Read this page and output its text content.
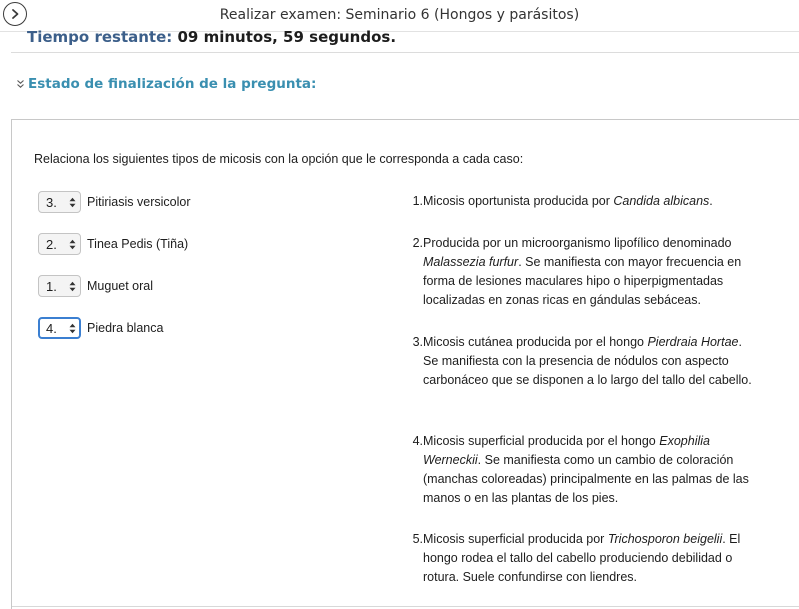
Realizar examen: Seminario 6 (Hongos y parásitos)
Tiempo restante: 09 minutos, 59 segundos.
Estado de finalización de la pregunta:
Relaciona los siguientes tipos de micosis con la opción que le corresponda a cada caso:
3. Pitiriasis versicolor
2. Tinea Pedis (Tiña)
1. Muguet oral
4. Piedra blanca
1. Micosis oportunista producida por Candida albicans.
2. Producida por un microorganismo lipofílico denominado Malassezia furfur. Se manifiesta con mayor frecuencia en forma de lesiones maculares hipo o hiperpigmentadas localizadas en zonas ricas en gándulas sebáceas.
3. Micosis cutánea producida por el hongo Pierdraia Hortae. Se manifiesta con la presencia de nódulos con aspecto carbonáceo que se disponen a lo largo del tallo del cabello.
4. Micosis superficial producida por el hongo Exophilia Werneckii. Se manifiesta como un cambio de coloración (manchas coloreadas) principalmente en las palmas de las manos o en las plantas de los pies.
5. Micosis superficial producida por Trichosporon beigelii. El hongo rodea el tallo del cabello produciendo debilidad o rotura. Suele confundirse con liendres.
